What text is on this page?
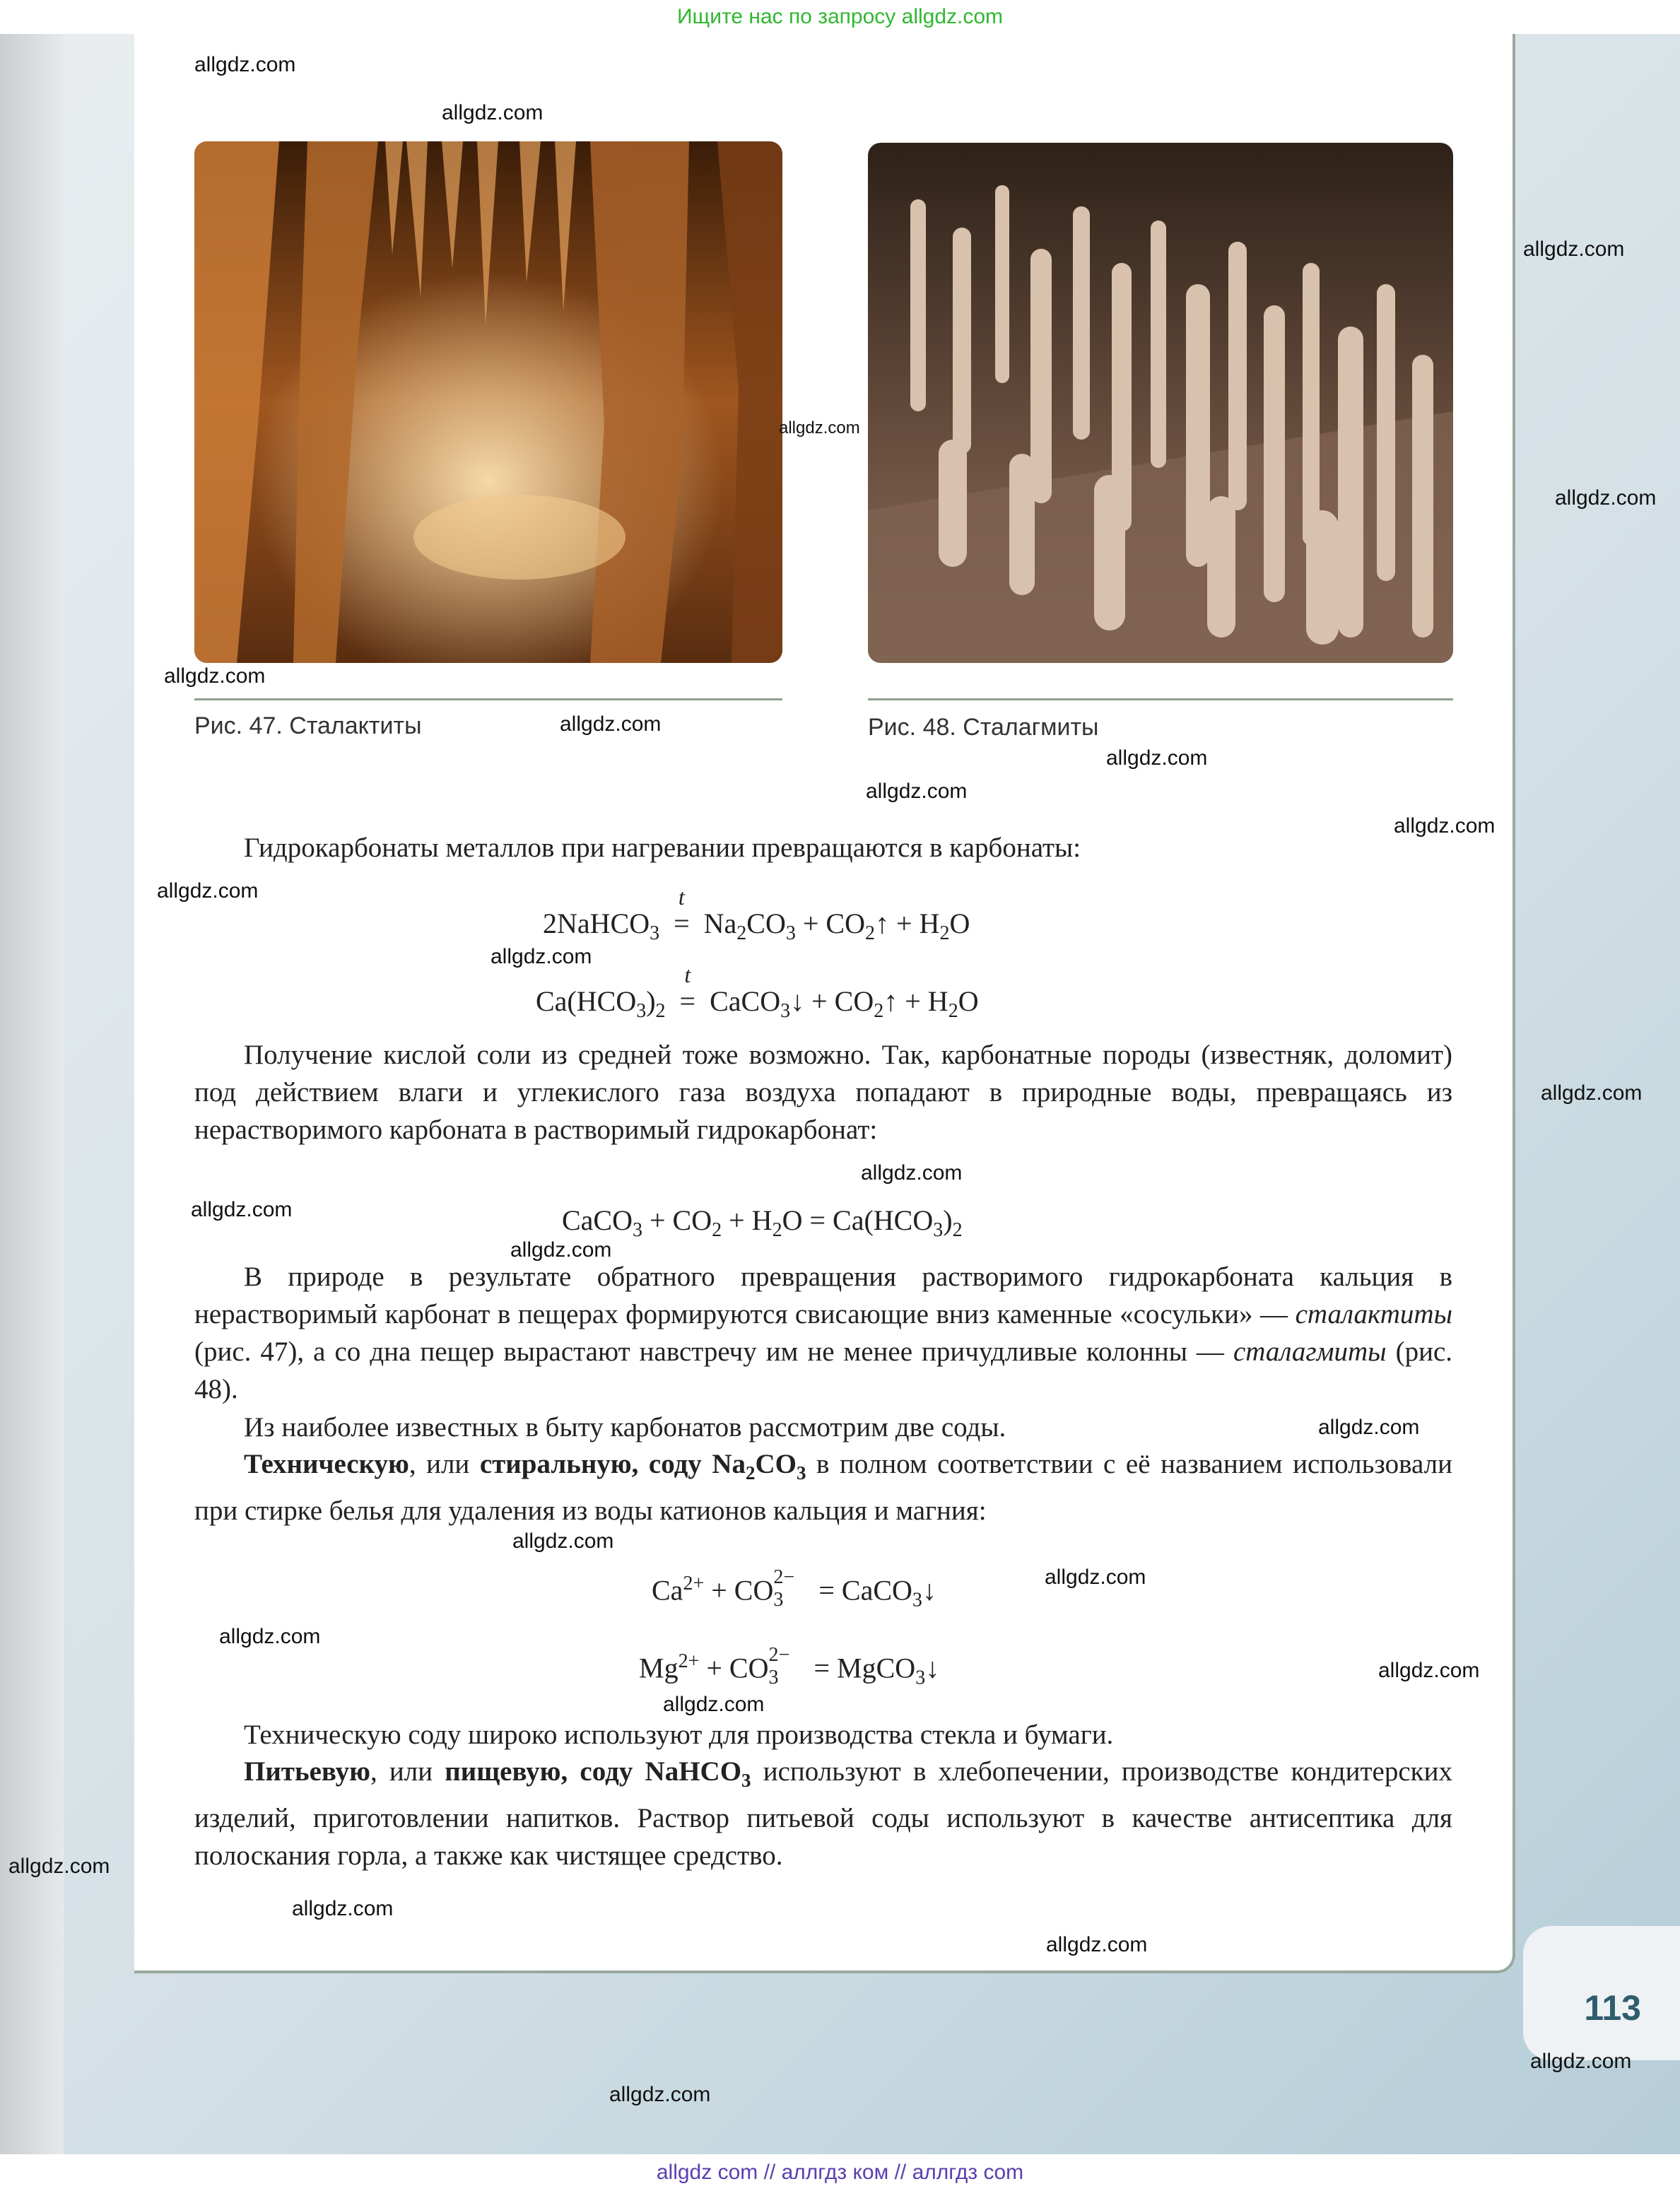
Ищите нас по запросу allgdz.com
Рис. 47. Сталактиты	Рис. 48. Сталагмиты
Гидрокарбонаты металлов при нагревании превращаются в карбонаты:
2NaHCO$_3$ =
t
$Na_2CO_3$ + $CO_2↑ + H_2O$
$Ca(HCO_3)_2$ =
t
CaCO$_3$↓ + $CO_2↑ + H_2O$
Получение кислой соли из средней тоже возможно. Так, карбонатные породы (известняк, доломит) под действием влаги и углекислого газа воздуха попадают в природные воды, превращаясь из нерастворимого карбоната в растворимый гидрокарбонат:
CaCO$_3$ + $CO_2 + H_2O = Ca(HCO_3)_2$
В природе в результате обратного превращения растворимого гидрокарбоната кальция в нерастворимый карбонат в пещерах формируются свисающие вниз каменные «сосульки» — сталактиты (рис. 47), а со дна пещер вырастают навстречу им не менее причудливые колонны — сталагмиты (рис. 48).
Из наиболее известных в быту карбонатов рассмотрим две соды.
Техническую, или стиральную, соду $Na_2CO_3$ в полном соответствии с её названием использовали при стирке белья для удаления из воды катионов кальция и магния:
$Ca^{2+}$ + CO 2−
$_3$     = CaCO$_3$↓
$Mg^{2+}$ + CO 2−
$_3$     = MgCO$_3$↓
Техническую соду широко используют для производства стекла и бумаги.
Питьевую, или пищевую, соду NaHCO$_3$ используют в хлебопечении, производстве кондитерских изделий, приготовлении напитков. Раствор питьевой соды используют в качестве антисептика для полоскания горла, а также как чистящее средство.
113
allgdz.com
allgdz.com
allgdz.com
allgdz.com
allgdz.com
allgdz.com
allgdz.com
allgdz.com
allgdz.com
allgdz.com
allgdz.com
allgdz.com
allgdz.com
allgdz.com
allgdz.com
allgdz.com
allgdz.com
allgdz.com
allgdz.com
allgdz.com
allgdz.com
allgdz.com
allgdz.com
allgdz.com
allgdz.com
allgdz.com
allgdz.com
allgdz com // аллгдз ком // аллгдз com
